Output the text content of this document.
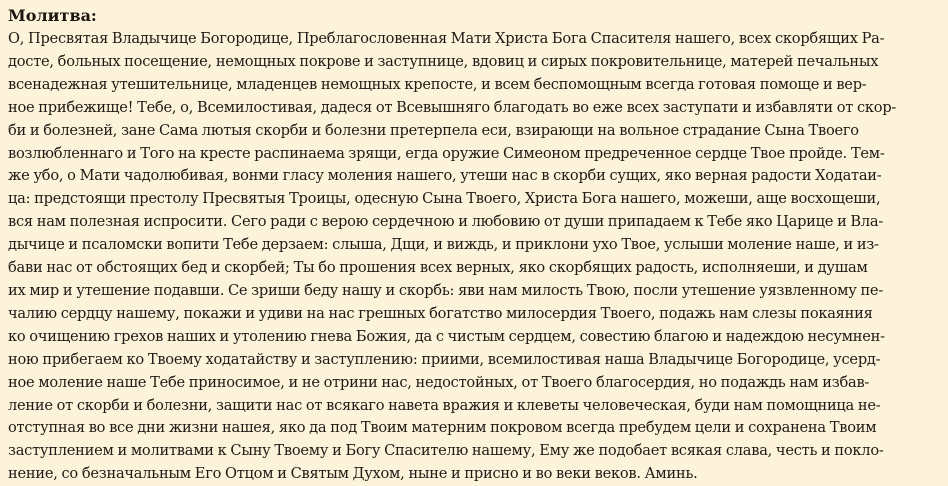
Молитва:
О, Пресвятая Владычице Богородице, Преблагословенная Мати Христа Бога Спасителя нашего, всех скорбящих Ра-
досте, больных посещение, немощных покрове и заступнице, вдовиц и сирых покровительнице, матерей печальных
всенадежная утешительнице, младенцев немощных крепосте, и всем беспомощным всегда готовая помоще и вер-
ное прибежище! Тебе, о, Всемилостивая, дадеся от Всевышняго благодать во еже всех заступати и избавляти от скор-
би и болезней, зане Сама лютыя скорби и болезни претерпела еси, взирающи на вольное страдание Сына Твоего
возлюбленнаго и Того на кресте распинаема зрящи, егда оружие Симеоном предреченное сердце Твое пройде. Тем-
же убо, о Мати чадолюбивая, вонми гласу моления нашего, утеши нас в скорби сущих, яко верная радости Ходатаи-
ца: предстоящи престолу Пресвятыя Троицы, одесную Сына Твоего, Христа Бога нашего, можеши, аще восхощеши,
вся нам полезная испросити. Сего ради с верою сердечною и любовию от души припадаем к Тебе яко Царице и Вла-
дычице и псаломски вопити Тебе дерзаем: слыша, Дщи, и виждь, и приклони ухо Твое, услыши моление наше, и из-
бави нас от обстоящих бед и скорбей; Ты бо прошения всех верных, яко скорбящих радость, исполняеши, и душам
их мир и утешение подавши. Се зриши беду нашу и скорбь: яви нам милость Твою, посли утешение уязвленному пе-
чалию сердцу нашему, покажи и удиви на нас грешных богатство милосердия Твоего, подажь нам слезы покаяния
ко очищению грехов наших и утолению гнева Божия, да с чистым сердцем, совестию благою и надеждою несумнен-
ною прибегаем ко Твоему ходатайству и заступлению: приими, всемилостивая наша Владычице Богородице, усерд-
ное моление наше Тебе приносимое, и не отрини нас, недостойных, от Твоего благосердия, но подаждь нам избав-
ление от скорби и болезни, защити нас от всякаго навета вражия и клеветы человеческая, буди нам помощница не-
отступная во все дни жизни нашея, яко да под Твоим матерним покровом всегда пребудем цели и сохранена Твоим
заступлением и молитвами к Сыну Твоему и Богу Спасителю нашему, Ему же подобает всякая слава, честь и покло-
нение, со безначальным Его Отцом и Святым Духом, ныне и присно и во веки веков. Аминь.
